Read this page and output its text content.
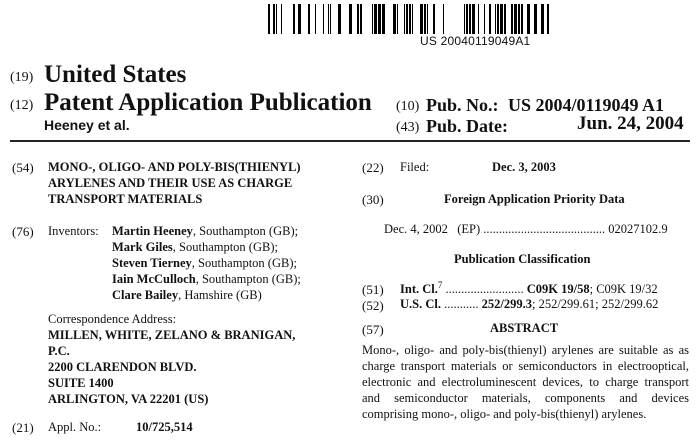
US 20040119049A1
(19) United States
(12) Patent Application Publication
Heeney et al.
(10) Pub. No.: US 2004/0119049 A1
(43) Pub. Date:	Jun. 24, 2004
(54) MONO-, OLIGO- AND POLY-BIS(THIENYL)
ARYLENES AND THEIR USE AS CHARGE
TRANSPORT MATERIALS
(76) Inventors: Martin Heeney, Southampton (GB);
Mark Giles, Southampton (GB);
Steven Tierney, Southampton (GB);
Iain McCulloch, Southampton (GB);
Clare Bailey, Hamshire (GB)
Correspondence Address:
MILLEN, WHITE, ZELANO & BRANIGAN,
P.C.
2200 CLARENDON BLVD.
SUITE 1400
ARLINGTON, VA 22201 (US)
(21) Appl. No.:	10/725,514
(22) Filed:	Dec. 3, 2003
(30)	Foreign Application Priority Data
Dec. 4, 2002 (EP) ....................................... 02027102.9
Publication Classification
(51) Int. Cl.$^7$ ......................... C09K 19/58; C09K 19/32
(52) U.S. Cl. ........... 252/299.3; 252/299.61; 252/299.62
(57)	ABSTRACT
Mono-, oligo- and poly-bis(thienyl) arylenes are suitable as as charge transport materials or semiconductors in electrooptical, electronic and electroluminescent devices, to charge transport and semiconductor materials, components and devices comprising mono-, oligo- and poly-bis(thienyl) arylenes.
